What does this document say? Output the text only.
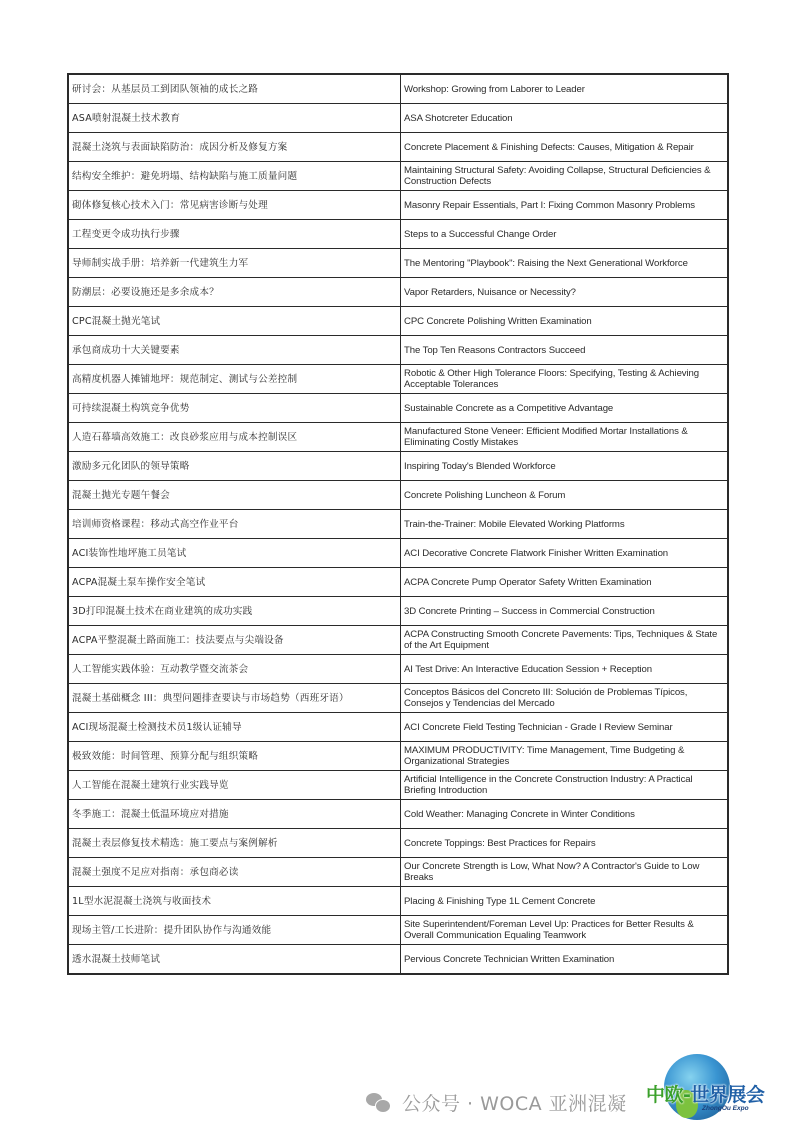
研讨会：从基层员工到团队领袖的成长之路	Workshop: Growing from Laborer to Leader
ASA喷射混凝土技术教育	ASA Shotcreter Education
混凝土浇筑与表面缺陷防治：成因分析及修复方案	Concrete Placement & Finishing Defects: Causes, Mitigation & Repair
结构安全维护：避免坍塌、结构缺陷与施工质量问题	Maintaining Structural Safety: Avoiding Collapse, Structural Deficiencies & Construction Defects
砌体修复核心技术入门：常见病害诊断与处理	Masonry Repair Essentials, Part I: Fixing Common Masonry Problems
工程变更令成功执行步骤	Steps to a Successful Change Order
导师制实战手册：培养新一代建筑生力军	The Mentoring "Playbook": Raising the Next Generational Workforce
防潮层：必要设施还是多余成本？	Vapor Retarders, Nuisance or Necessity?
CPC混凝土抛光笔试	CPC Concrete Polishing Written Examination
承包商成功十大关键要素	The Top Ten Reasons Contractors Succeed
高精度机器人摊铺地坪：规范制定、测试与公差控制	Robotic & Other High Tolerance Floors: Specifying, Testing & Achieving Acceptable Tolerances
可持续混凝土构筑竞争优势	Sustainable Concrete as a Competitive Advantage
人造石幕墙高效施工：改良砂浆应用与成本控制误区	Manufactured Stone Veneer: Efficient Modified Mortar Installations & Eliminating Costly Mistakes
激励多元化团队的领导策略	Inspiring Today's Blended Workforce
混凝土抛光专题午餐会	Concrete Polishing Luncheon & Forum
培训师资格课程：移动式高空作业平台	Train-the-Trainer: Mobile Elevated Working Platforms
ACI装饰性地坪施工员笔试	ACI Decorative Concrete Flatwork Finisher Written Examination
ACPA混凝土泵车操作安全笔试	ACPA Concrete Pump Operator Safety Written Examination
3D打印混凝土技术在商业建筑的成功实践	3D Concrete Printing – Success in Commercial Construction
ACPA平整混凝土路面施工：技法要点与尖端设备	ACPA Constructing Smooth Concrete Pavements: Tips, Techniques & State of the Art Equipment
人工智能实践体验：互动教学暨交流茶会	AI Test Drive: An Interactive Education Session + Reception
混凝土基础概念 III：典型问题排查要诀与市场趋势（西班牙语）	Conceptos Básicos del Concreto III: Solución de Problemas Típicos, Consejos y Tendencias del Mercado
ACI现场混凝土检测技术员1级认证辅导	ACI Concrete Field Testing Technician - Grade I Review Seminar
极致效能：时间管理、预算分配与组织策略	MAXIMUM PRODUCTIVITY: Time Management, Time Budgeting & Organizational Strategies
人工智能在混凝土建筑行业实践导览	Artificial Intelligence in the Concrete Construction Industry: A Practical Briefing Introduction
冬季施工：混凝土低温环境应对措施	Cold Weather: Managing Concrete in Winter Conditions
混凝土表层修复技术精选：施工要点与案例解析	Concrete Toppings: Best Practices for Repairs
混凝土强度不足应对指南：承包商必读	Our Concrete Strength is Low, What Now? A Contractor's Guide to Low Breaks
1L型水泥混凝土浇筑与收面技术	Placing & Finishing Type 1L Cement Concrete
现场主管/工长进阶：提升团队协作与沟通效能	Site Superintendent/Foreman Level Up: Practices for Better Results & Overall Communication Equaling Teamwork
透水混凝土技师笔试	Pervious Concrete Technician Written Examination
公众号 · WOCA 亚洲混凝 中欧-世界展会
ZhongOu Expo
